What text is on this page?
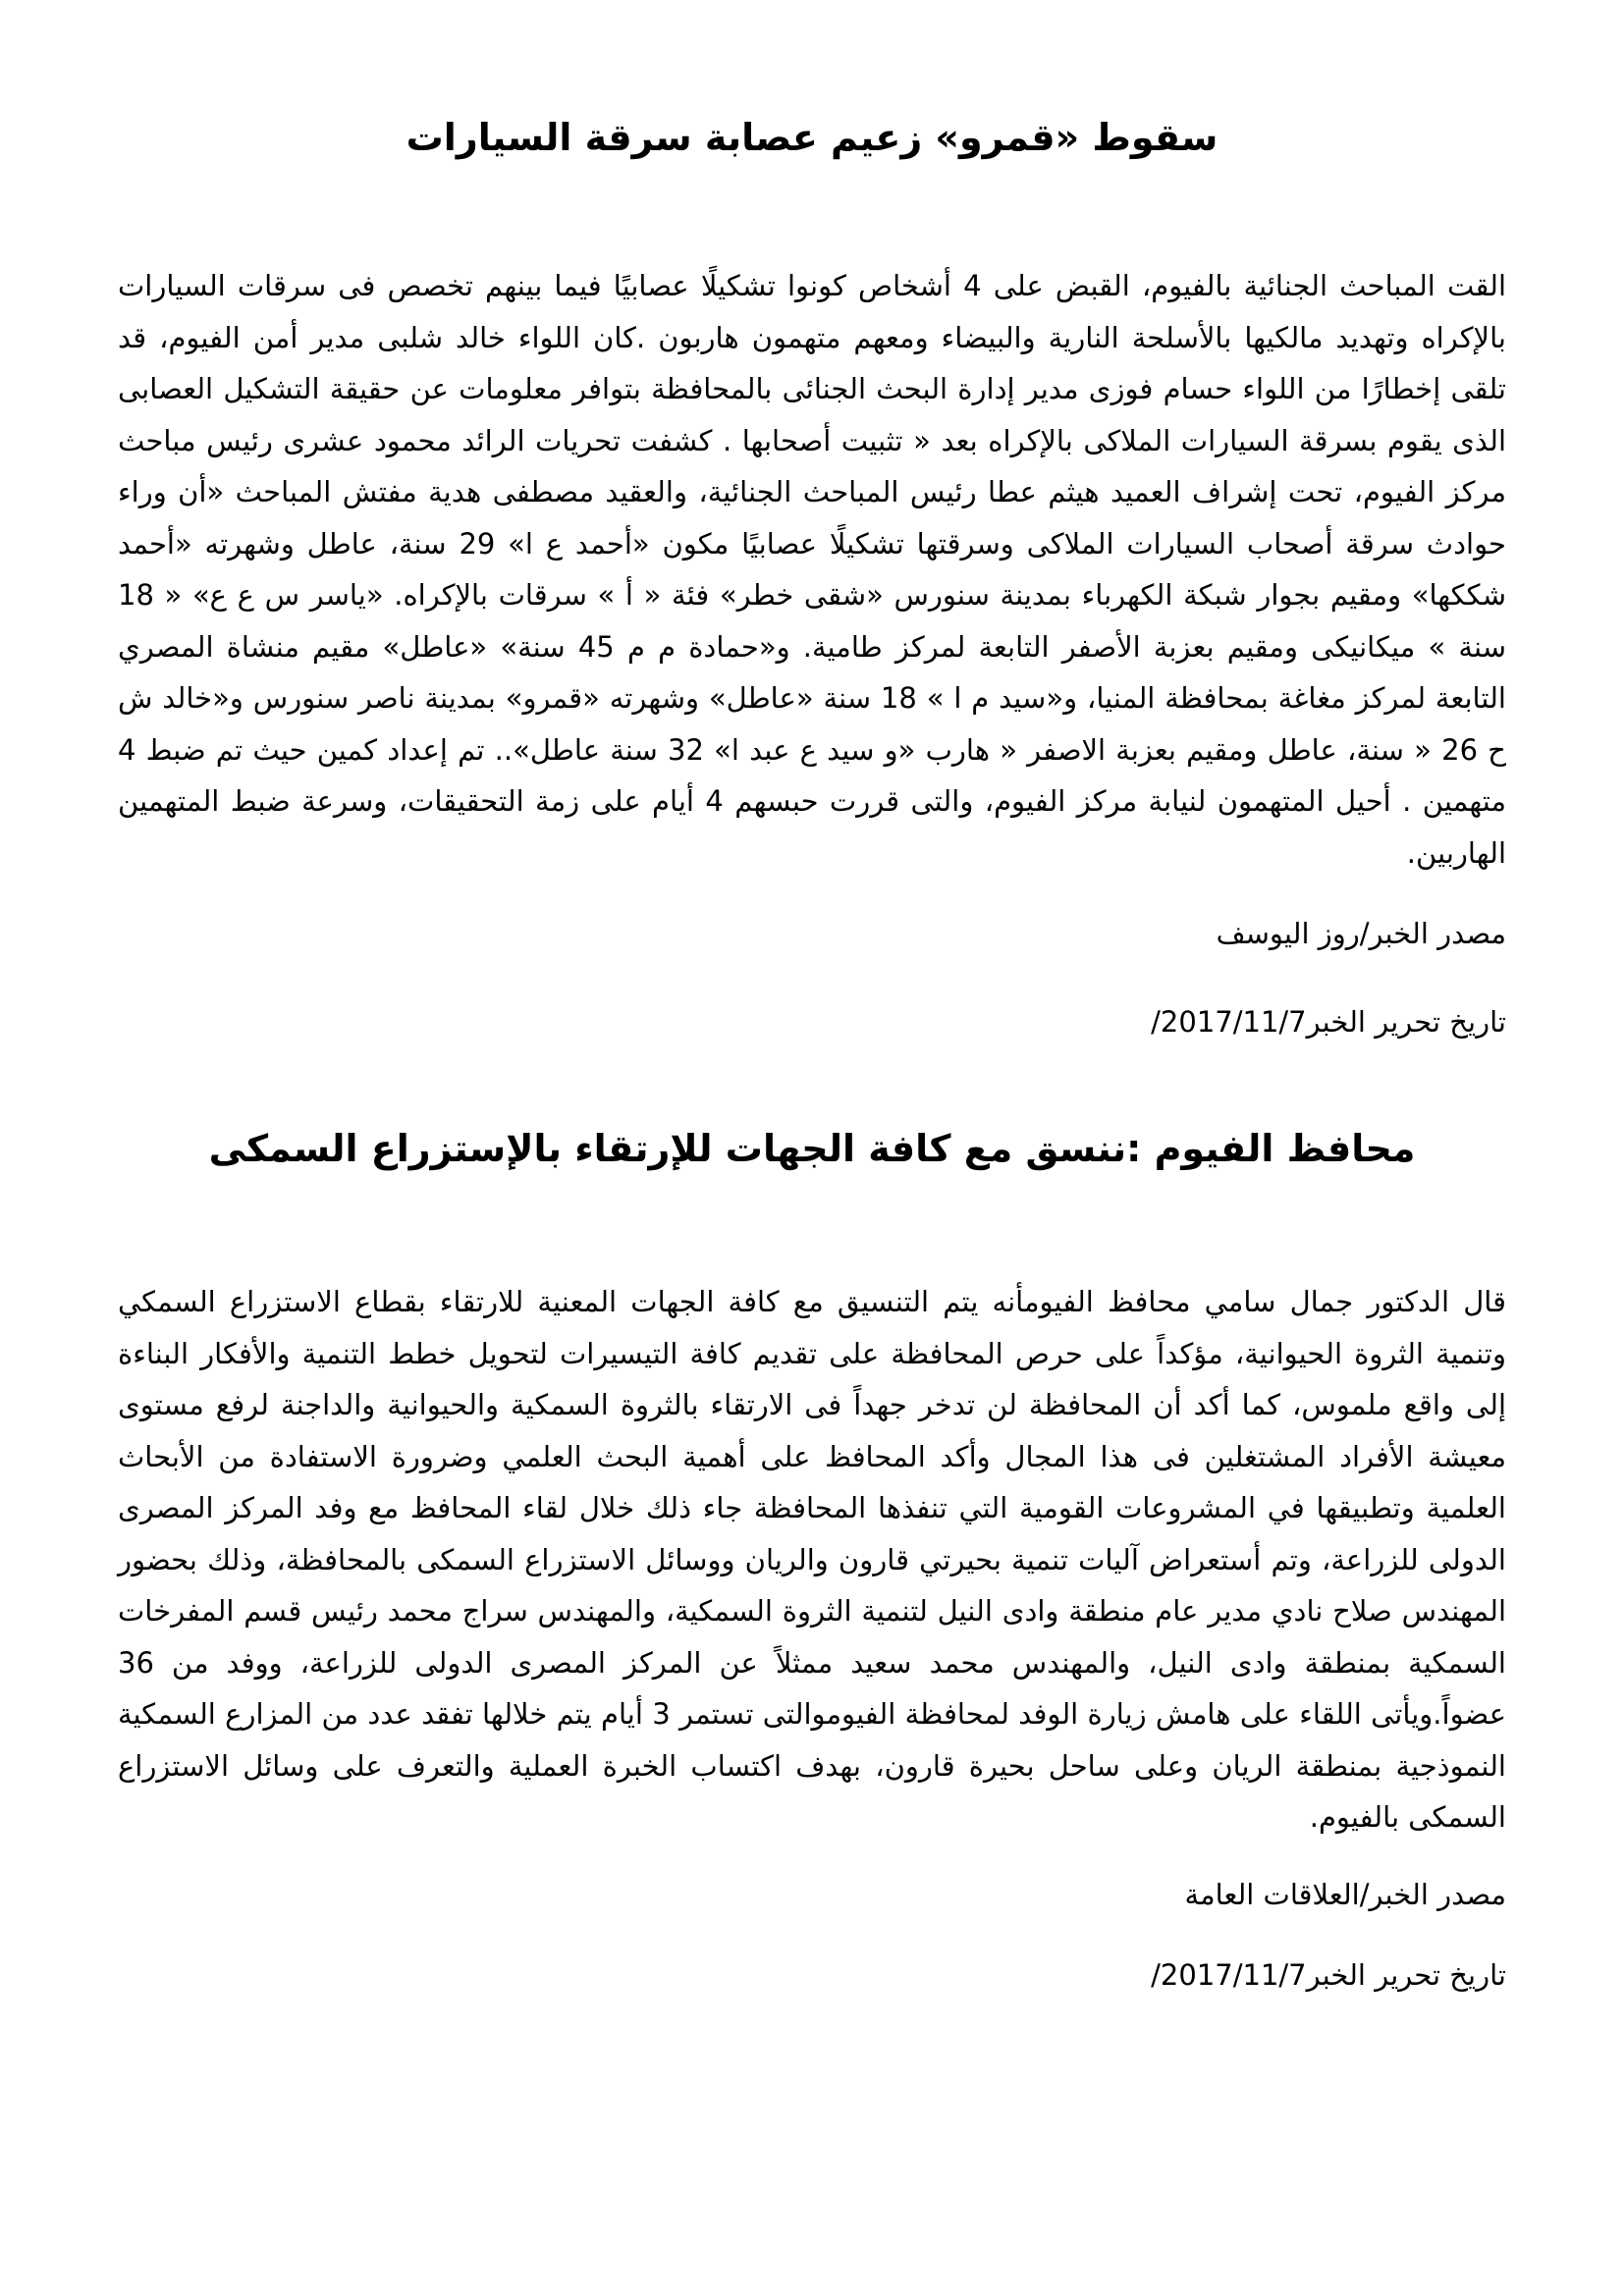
سقوط «قمرو» زعيم عصابة سرقة السيارات

القت المباحث الجنائية بالفيوم، القبض على 4 أشخاص كونوا تشكيلًا عصابيًا فيما بينهم تخصص فى سرقات السيارات بالإكراه وتهديد مالكيها بالأسلحة النارية والبيضاء ومعهم متهمون هاربون .كان اللواء خالد شلبى مدير أمن الفيوم، قد تلقى إخطارًا من اللواء حسام فوزى مدير إدارة البحث الجنائى بالمحافظة بتوافر معلومات عن حقيقة التشكيل العصابى الذى يقوم بسرقة السيارات الملاكى بالإكراه بعد « تثبيت أصحابها . كشفت تحريات الرائد محمود عشرى رئيس مباحث مركز الفيوم، تحت إشراف العميد هيثم عطا رئيس المباحث الجنائية، والعقيد مصطفى هدية مفتش المباحث «أن وراء حوادث سرقة أصحاب السيارات الملاكى وسرقتها تشكيلًا عصابيًا مكون «أحمد ع ا» 29 سنة، عاطل وشهرته «أحمد شككها» ومقيم بجوار شبكة الكهرباء بمدينة سنورس «شقى خطر» فئة « أ » سرقات بالإكراه. «ياسر س ع ع» « 18 سنة » ميكانيكى ومقيم بعزبة الأصفر التابعة لمركز طامية. و«حمادة م م 45 سنة» «عاطل» مقيم منشاة المصري التابعة لمركز مغاغة بمحافظة المنيا، و«سيد م ا » 18 سنة «عاطل» وشهرته «قمرو» بمدينة ناصر سنورس و«خالد ش ح 26 « سنة، عاطل ومقيم بعزبة الاصفر « هارب «و سيد ع عبد ا» 32 سنة عاطل».. تم إعداد كمين حيث تم ضبط 4 متهمين . أحيل المتهمون لنيابة مركز الفيوم، والتى قررت حبسهم 4 أيام على زمة التحقيقات، وسرعة ضبط المتهمين الهاربين.

مصدر الخبر/روز اليوسف

تاريخ تحرير الخبر2017/11/7/

محافظ الفيوم :ننسق مع كافة الجهات للإرتقاء بالإستزراع السمكى

قال الدكتور جمال سامي محافظ الفيومأنه يتم التنسيق مع كافة الجهات المعنية للارتقاء بقطاع الاستزراع السمكي وتنمية الثروة الحيوانية، مؤكداً على حرص المحافظة على تقديم كافة التيسيرات لتحويل خطط التنمية والأفكار البناءة إلى واقع ملموس، كما أكد أن المحافظة لن تدخر جهداً فى الارتقاء بالثروة السمكية والحيوانية والداجنة لرفع مستوى معيشة الأفراد المشتغلين فى هذا المجال وأكد المحافظ على أهمية البحث العلمي وضرورة الاستفادة من الأبحاث العلمية وتطبيقها في المشروعات القومية التي تنفذها المحافظة جاء ذلك خلال لقاء المحافظ مع وفد المركز المصرى الدولى للزراعة، وتم أستعراض آليات تنمية بحيرتي قارون والريان ووسائل الاستزراع السمكى بالمحافظة، وذلك بحضور المهندس صلاح نادي مدير عام منطقة وادى النيل لتنمية الثروة السمكية، والمهندس سراج محمد رئيس قسم المفرخات السمكية بمنطقة وادى النيل، والمهندس محمد سعيد ممثلاً عن المركز المصرى الدولى للزراعة، ووفد من 36 عضواً.ويأتى اللقاء على هامش زيارة الوفد لمحافظة الفيوموالتى تستمر 3 أيام يتم خلالها تفقد عدد من المزارع السمكية النموذجية بمنطقة الريان وعلى ساحل بحيرة قارون، بهدف اكتساب الخبرة العملية والتعرف على وسائل الاستزراع السمكى بالفيوم.

مصدر الخبر/العلاقات العامة

تاريخ تحرير الخبر2017/11/7/
